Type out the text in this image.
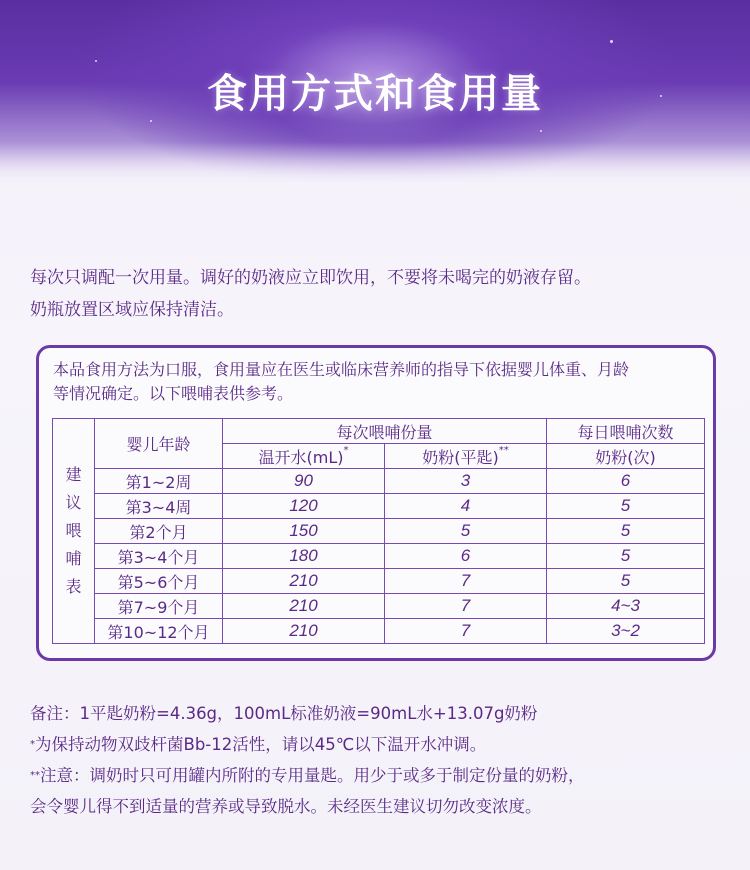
食用方式和食用量
每次只调配一次用量。调好的奶液应立即饮用，不要将未喝完的奶液存留。
奶瓶放置区域应保持清洁。
本品食用方法为口服，食用量应在医生或临床营养师的指导下依据婴儿体重、月龄
等情况确定。以下喂哺表供参考。
建
议
喂
哺
表	婴儿年龄	每次喂哺份量		每日喂哺次数
		温开水(mL)*	奶粉(平匙)**	奶粉(次)
	第1~2周	90	3	6
	第3~4周	120	4	5
	第2个月	150	5	5
	第3~4个月	180	6	5
	第5~6个月	210	7	5
	第7~9个月	210	7	4~3
	第10~12个月	210	7	3~2
备注：1平匙奶粉=4.36g，100mL标准奶液=90mL水+13.07g奶粉
*为保持动物双歧杆菌Bb-12活性，请以45℃以下温开水冲调。
**注意：调奶时只可用罐内所附的专用量匙。用少于或多于制定份量的奶粉，
会令婴儿得不到适量的营养或导致脱水。未经医生建议切勿改变浓度。
